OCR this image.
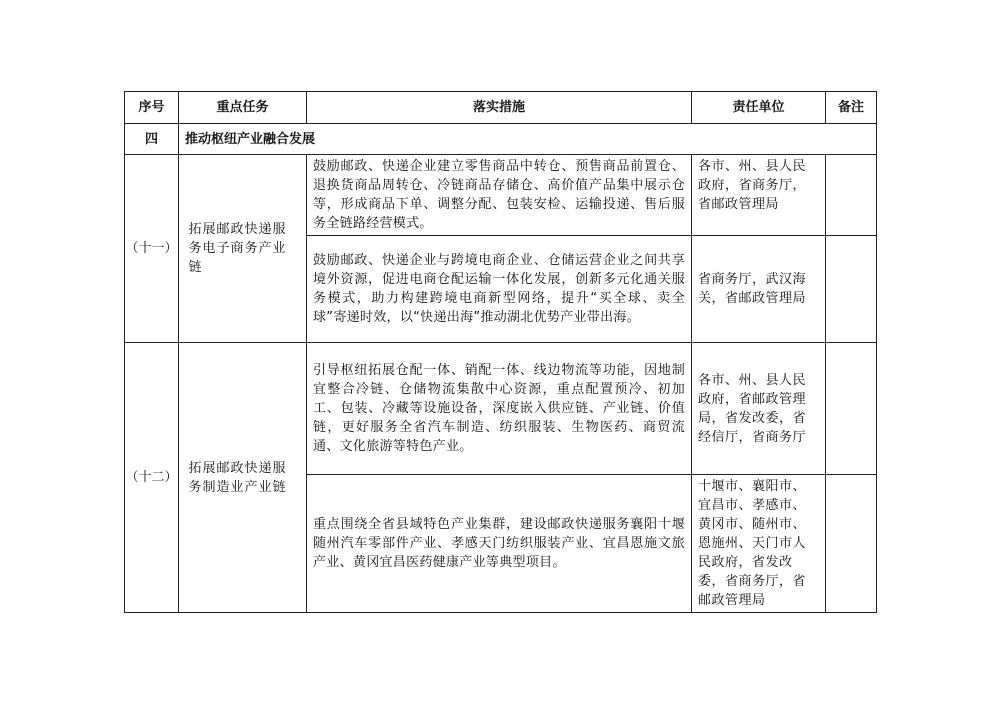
序号	重点任务	落实措施	责任单位	备注
四	推动枢纽产业融合发展			
（十一）	拓展邮政快递服务电子商务产业链	鼓励邮政、快递企业建立零售商品中转仓、预售商品前置仓、退换货商品周转仓、冷链商品存储仓、高价值产品集中展示仓等，形成商品下单、调整分配、包装安检、运输投递、售后服务全链路经营模式。	各市、州、县人民政府，省商务厅，省邮政管理局	
		鼓励邮政、快递企业与跨境电商企业、仓储运营企业之间共享境外资源，促进电商仓配运输一体化发展，创新多元化通关服务模式，助力构建跨境电商新型网络，提升“买全球、卖全球”寄递时效，以“快递出海”推动湖北优势产业带出海。	省商务厅，武汉海关，省邮政管理局	
（十二）	拓展邮政快递服务制造业产业链	引导枢纽拓展仓配一体、销配一体、线边物流等功能，因地制宜整合冷链、仓储物流集散中心资源，重点配置预冷、初加工、包装、冷藏等设施设备，深度嵌入供应链、产业链、价值链，更好服务全省汽车制造、纺织服装、生物医药、商贸流通、文化旅游等特色产业。	各市、州、县人民政府，省邮政管理局，省发改委，省经信厅，省商务厅	
		重点围绕全省县域特色产业集群，建设邮政快递服务襄阳十堰随州汽车零部件产业、孝感天门纺织服装产业、宜昌恩施文旅产业、黄冈宜昌医药健康产业等典型项目。	十堰市、襄阳市、宜昌市、孝感市、黄冈市、随州市、恩施州、天门市人民政府，省发改委，省商务厅，省邮政管理局	
